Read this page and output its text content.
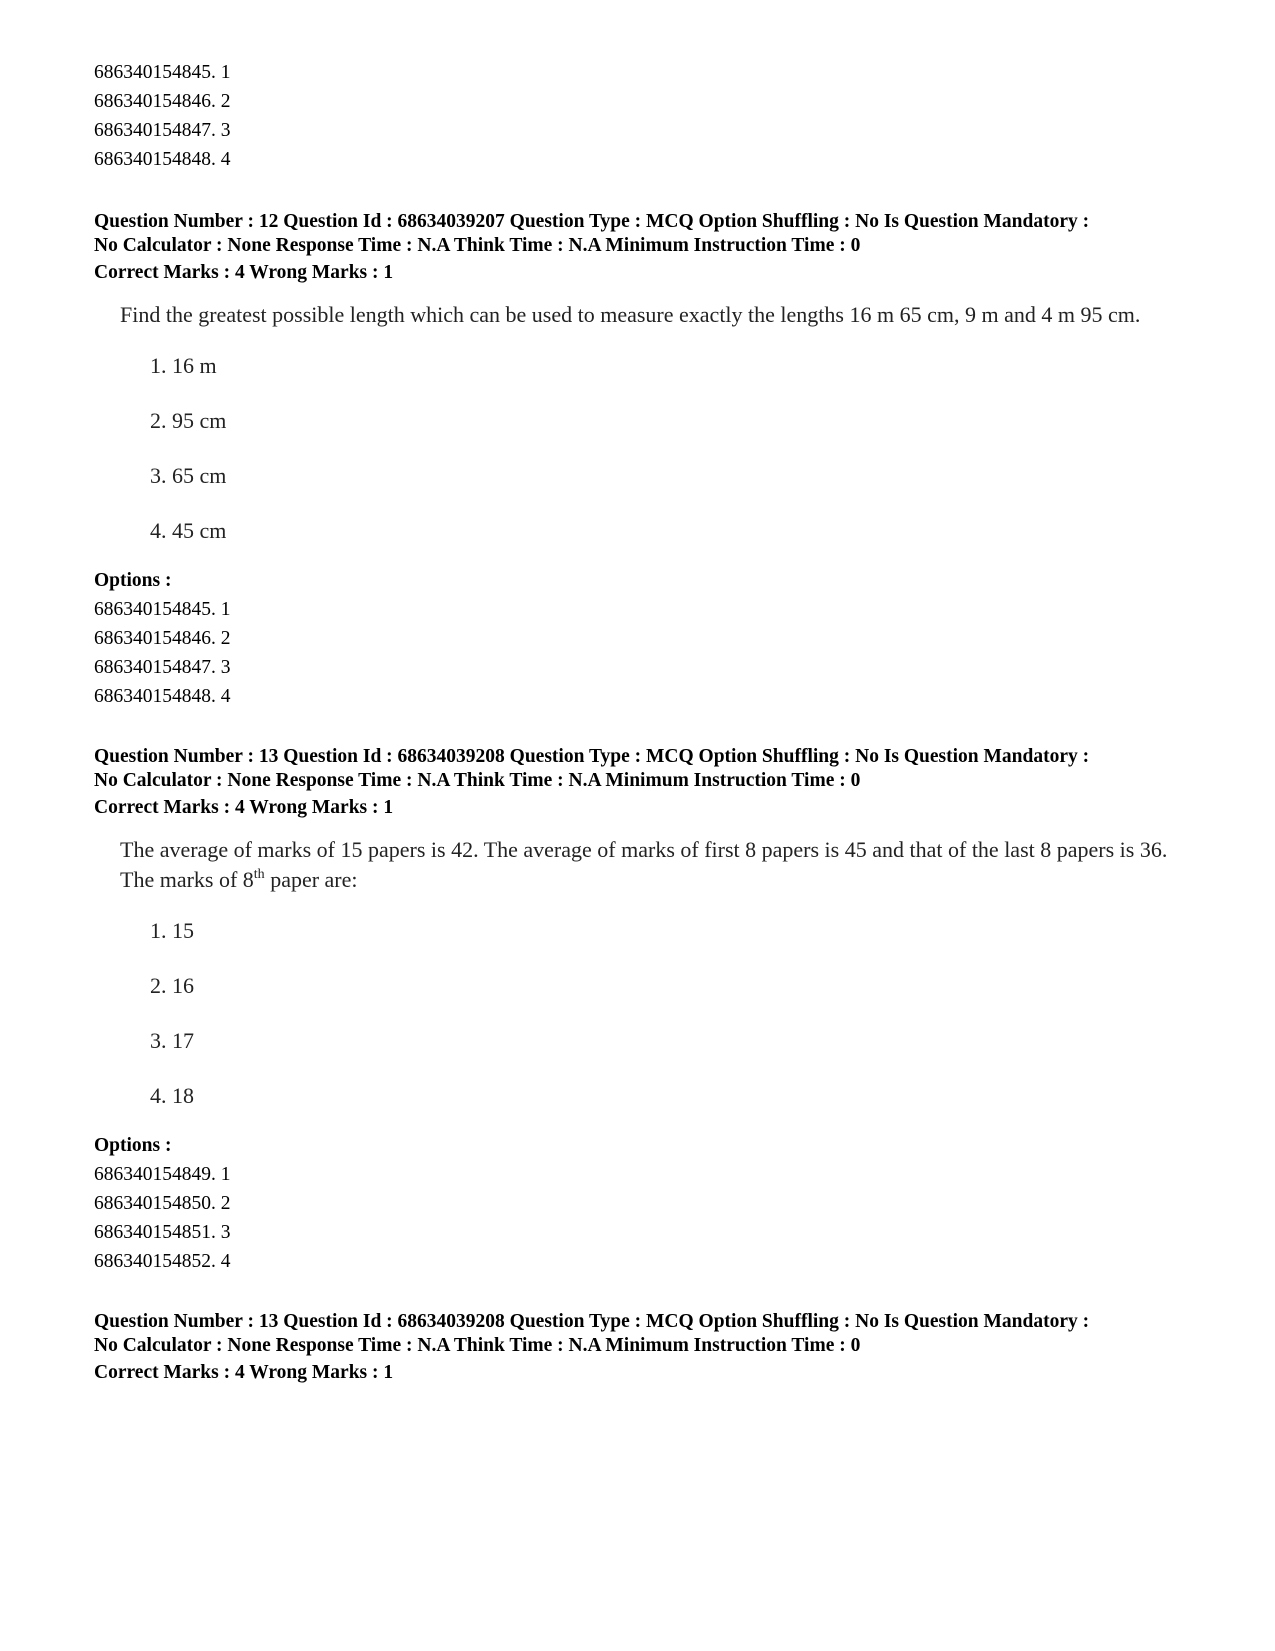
686340154845. 1
686340154846. 2
686340154847. 3
686340154848. 4
Question Number : 12 Question Id : 68634039207 Question Type : MCQ Option Shuffling : No Is Question Mandatory :
No Calculator : None Response Time : N.A Think Time : N.A Minimum Instruction Time : 0
Correct Marks : 4 Wrong Marks : 1
Find the greatest possible length which can be used to measure exactly the lengths 16 m 65 cm, 9 m and 4 m 95 cm.
1. 16 m
2. 95 cm
3. 65 cm
4. 45 cm
Options :
686340154845. 1
686340154846. 2
686340154847. 3
686340154848. 4
Question Number : 13 Question Id : 68634039208 Question Type : MCQ Option Shuffling : No Is Question Mandatory :
No Calculator : None Response Time : N.A Think Time : N.A Minimum Instruction Time : 0
Correct Marks : 4 Wrong Marks : 1
The average of marks of 15 papers is 42. The average of marks of first 8 papers is 45 and that of the last 8 papers is 36. The marks of 8th paper are:
1. 15
2. 16
3. 17
4. 18
Options :
686340154849. 1
686340154850. 2
686340154851. 3
686340154852. 4
Question Number : 13 Question Id : 68634039208 Question Type : MCQ Option Shuffling : No Is Question Mandatory :
No Calculator : None Response Time : N.A Think Time : N.A Minimum Instruction Time : 0
Correct Marks : 4 Wrong Marks : 1
